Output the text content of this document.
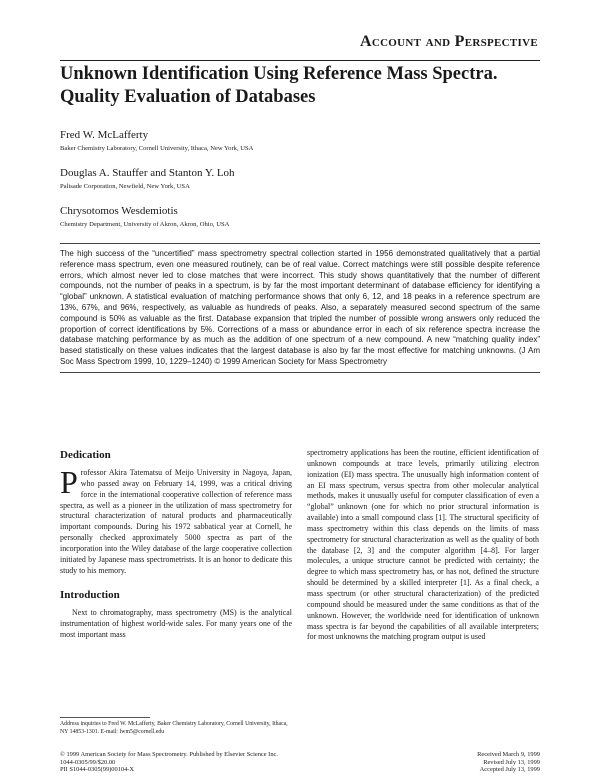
Account and Perspective
Unknown Identification Using Reference Mass Spectra. Quality Evaluation of Databases

Fred W. McLafferty

Baker Chemistry Laboratory, Cornell University, Ithaca, New York, USA

Douglas A. Stauffer and Stanton Y. Loh

Palisade Corporation, Newfield, New York, USA

Chrysotomos Wesdemiotis

Chemistry Department, University of Akron, Akron, Ohio, USA

The high success of the “uncertified” mass spectrometry spectral collection started in 1956 demonstrated qualitatively that a partial reference mass spectrum, even one measured routinely, can be of real value. Correct matchings were still possible despite reference errors, which almost never led to close matches that were incorrect. This study shows quantitatively that the number of different compounds, not the number of peaks in a spectrum, is by far the most important determinant of database efficiency for identifying a “global” unknown. A statistical evaluation of matching performance shows that only 6, 12, and 18 peaks in a reference spectrum are 13%, 67%, and 96%, respectively, as valuable as hundreds of peaks. Also, a separately measured second spectrum of the same compound is 50% as valuable as the first. Database expansion that tripled the number of possible wrong answers only reduced the proportion of correct identifications by 5%. Corrections of a mass or abundance error in each of six reference spectra increase the database matching performance by as much as the addition of one spectrum of a new compound. A new “matching quality index” based statistically on these values indicates that the largest database is also by far the most effective for matching unknowns. (J Am Soc Mass Spectrom 1999, 10, 1229–1240) © 1999 American Society for Mass Spectrometry

Dedication

Professor Akira Tatematsu of Meijo University in Nagoya, Japan, who passed away on February 14, 1999, was a critical driving force in the international cooperative collection of reference mass spectra, as well as a pioneer in the utilization of mass spectrometry for structural characterization of natural products and pharmaceutically important compounds. During his 1972 sabbatical year at Cornell, he personally checked approximately 5000 spectra as part of the incorporation into the Wiley database of the large cooperative collection initiated by Japanese mass spectrometrists. It is an honor to dedicate this study to his memory.

Introduction

Next to chromatography, mass spectrometry (MS) is the analytical instrumentation of highest world-wide sales. For many years one of the most important mass

spectrometry applications has been the routine, efficient identification of unknown compounds at trace levels, primarily utilizing electron ionization (EI) mass spectra. The unusually high information content of an EI mass spectrum, versus spectra from other molecular analytical methods, makes it unusually useful for computer classification of even a “global” unknown (one for which no prior structural information is available) into a small compound class [1]. The structural specificity of mass spectrometry within this class depends on the limits of mass spectrometry for structural characterization as well as the quality of both the database [2, 3] and the computer algorithm [4–8]. For larger molecules, a unique structure cannot be predicted with certainty; the degree to which mass spectrometry has, or has not, defined the structure should be determined by a skilled interpreter [1]. As a final check, a mass spectrum (or other structural characterization) of the predicted compound should be measured under the same conditions as that of the unknown. However, the worldwide need for identification of unknown mass spectra is far beyond the capabilities of all available interpreters; for most unknowns the matching program output is used

Address inquiries to Fred W. McLafferty, Baker Chemistry Laboratory, Cornell University, Ithaca, NY 14853-1301. E-mail: fwm5@cornell.edu
© 1999 American Society for Mass Spectrometry. Published by Elsevier Science Inc.
1044-0305/99/$20.00
PII S1044-0305(99)00104-X
Received March 9, 1999
Revised July 13, 1999
Accepted July 13, 1999
